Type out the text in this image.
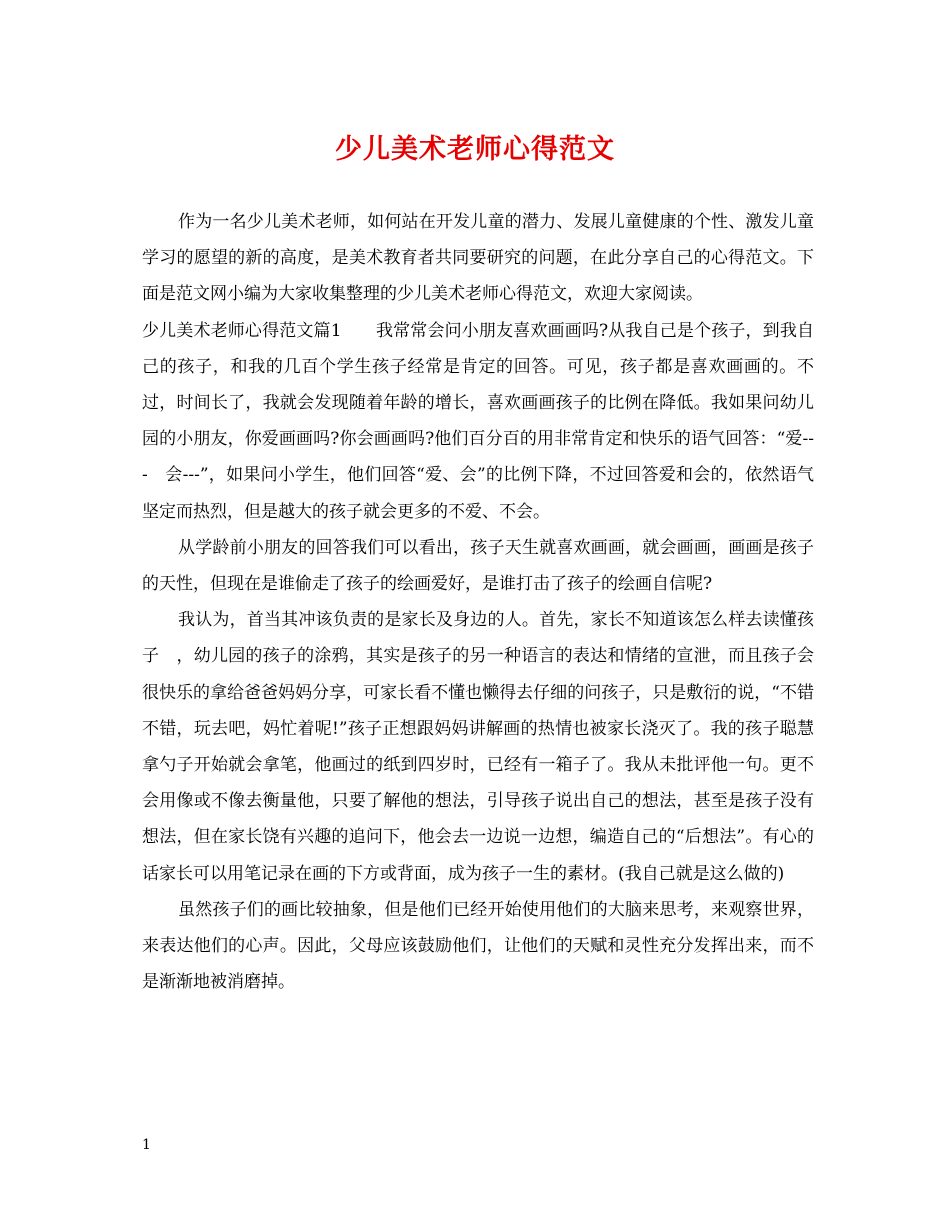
少儿美术老师心得范文

作为一名少儿美术老师，如何站在开发儿童的潜力、发展儿童健康的个性、激发儿童学习的愿望的新的高度，是美术教育者共同要研究的问题，在此分享自己的心得范文。下面是范文网小编为大家收集整理的少儿美术老师心得范文，欢迎大家阅读。

少儿美术老师心得范文篇1　　我常常会问小朋友喜欢画画吗?从我自己是个孩子，到我自己的孩子，和我的几百个学生孩子经常是肯定的回答。可见，孩子都是喜欢画画的。不过，时间长了，我就会发现随着年龄的增长，喜欢画画孩子的比例在降低。我如果问幼儿园的小朋友，你爱画画吗?你会画画吗?他们百分百的用非常肯定和快乐的语气回答：“爱---　会---”，如果问小学生，他们回答“爱、会”的比例下降，不过回答爱和会的，依然语气坚定而热烈，但是越大的孩子就会更多的不爱、不会。

从学龄前小朋友的回答我们可以看出，孩子天生就喜欢画画，就会画画，画画是孩子的天性，但现在是谁偷走了孩子的绘画爱好，是谁打击了孩子的绘画自信呢?

我认为，首当其冲该负责的是家长及身边的人。首先，家长不知道该怎么样去读懂孩子　，幼儿园的孩子的涂鸦，其实是孩子的另一种语言的表达和情绪的宣泄，而且孩子会很快乐的拿给爸爸妈妈分享，可家长看不懂也懒得去仔细的问孩子，只是敷衍的说，“不错不错，玩去吧，妈忙着呢!”孩子正想跟妈妈讲解画的热情也被家长浇灭了。我的孩子聪慧拿勺子开始就会拿笔，他画过的纸到四岁时，已经有一箱子了。我从未批评他一句。更不会用像或不像去衡量他，只要了解他的想法，引导孩子说出自己的想法，甚至是孩子没有想法，但在家长饶有兴趣的追问下，他会去一边说一边想，编造自己的“后想法”。有心的话家长可以用笔记录在画的下方或背面，成为孩子一生的素材。(我自己就是这么做的)

虽然孩子们的画比较抽象，但是他们已经开始使用他们的大脑来思考，来观察世界，来表达他们的心声。因此，父母应该鼓励他们，让他们的天赋和灵性充分发挥出来，而不是渐渐地被消磨掉。

1
